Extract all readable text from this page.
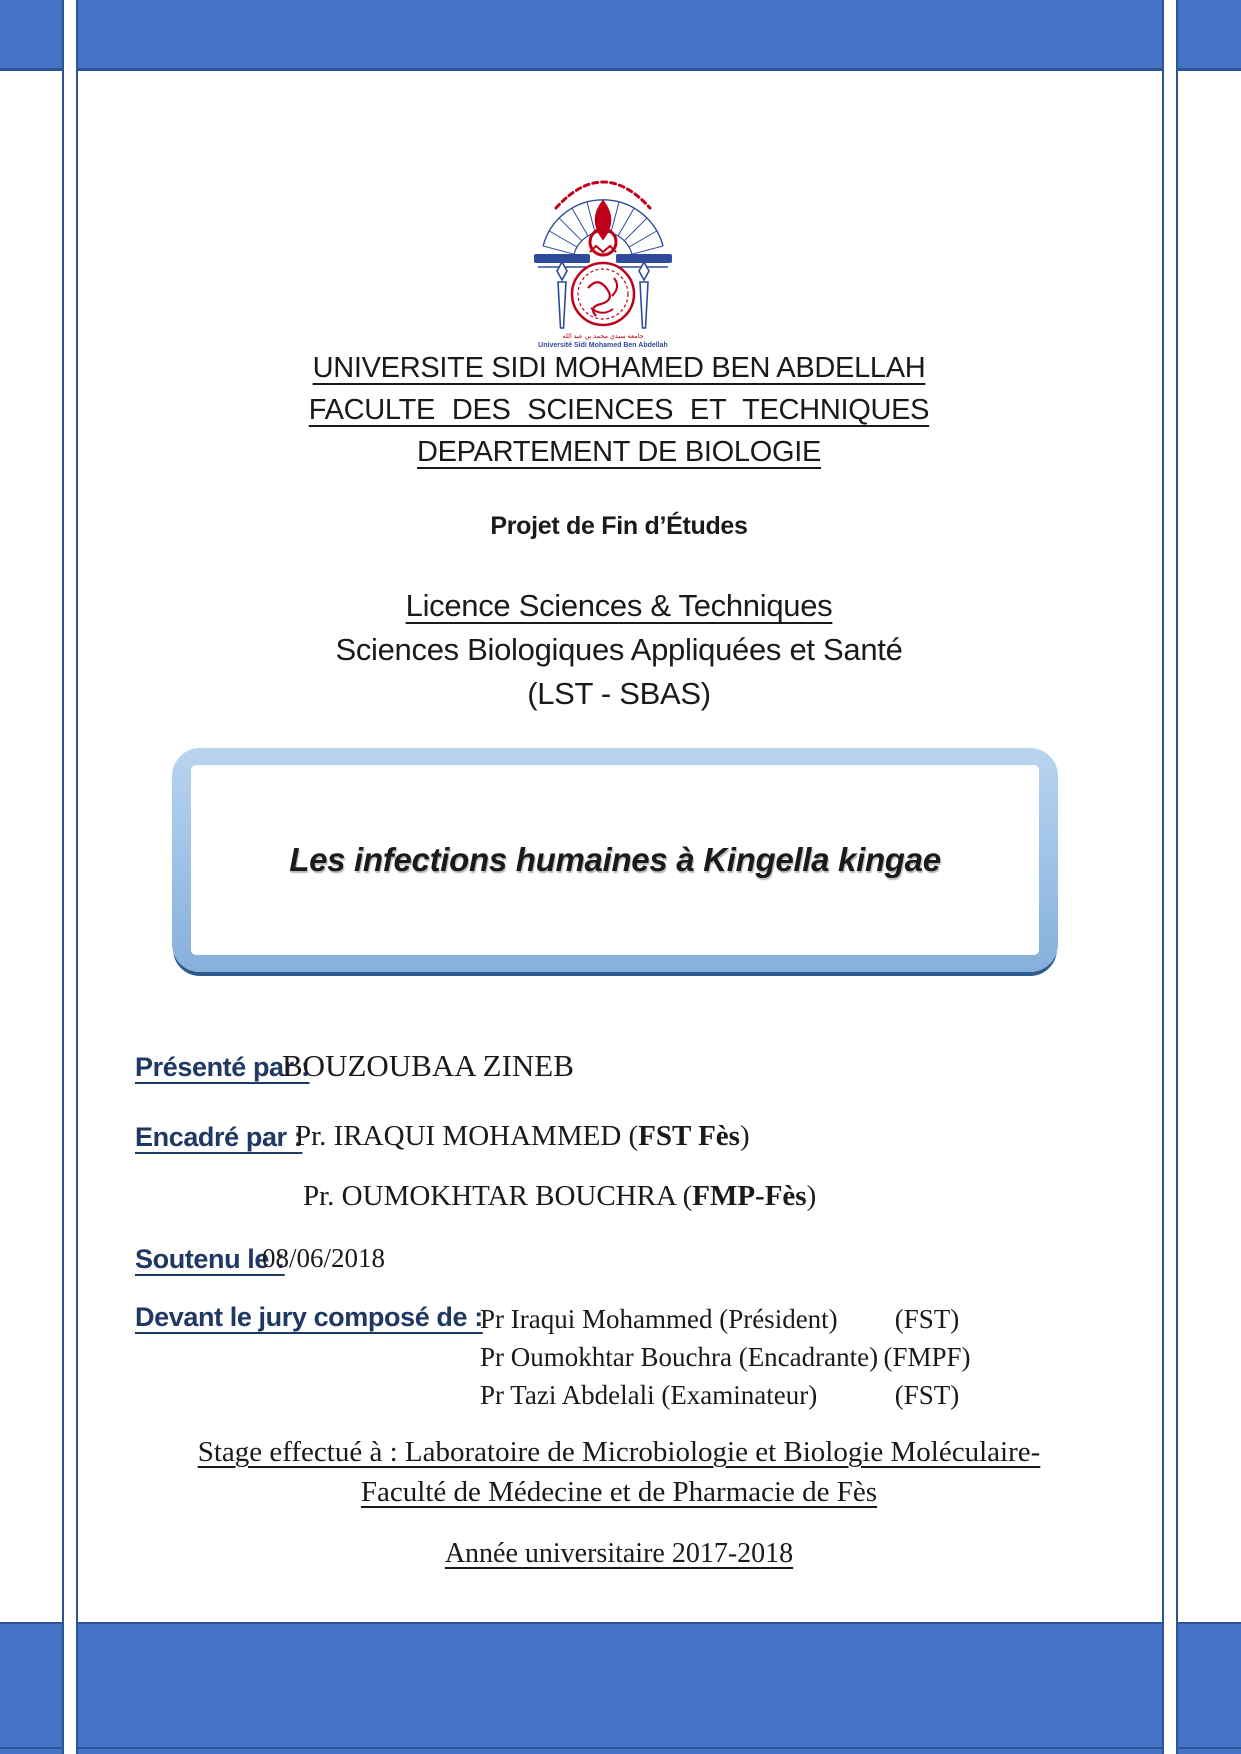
جامعة سيدي محمد بن عبد الله
Université Sidi Mohamed Ben Abdellah
UNIVERSITE SIDI MOHAMED BEN ABDELLAH
FACULTE DES SCIENCES ET TECHNIQUES
DEPARTEMENT DE BIOLOGIE
Projet de Fin d’Études
Licence Sciences & Techniques
Sciences Biologiques Appliquées et Santé
(LST - SBAS)
Les infections humaines à Kingella kingae
Présenté par :
BOUZOUBAA ZINEB
Encadré par :
Pr. IRAQUI MOHAMMED (FST Fès)
Pr. OUMOKHTAR BOUCHRA (FMP-Fès)
Soutenu le :
08/06/2018
Devant le jury composé de :
Pr Iraqui Mohammed (Président)
Pr Oumokhtar Bouchra (Encadrante)
Pr Tazi Abdelali (Examinateur)
(FST)
(FMPF)
(FST)
Stage effectué à : Laboratoire de Microbiologie et Biologie Moléculaire-
Faculté de Médecine et de Pharmacie de Fès
Année universitaire 2017-2018
